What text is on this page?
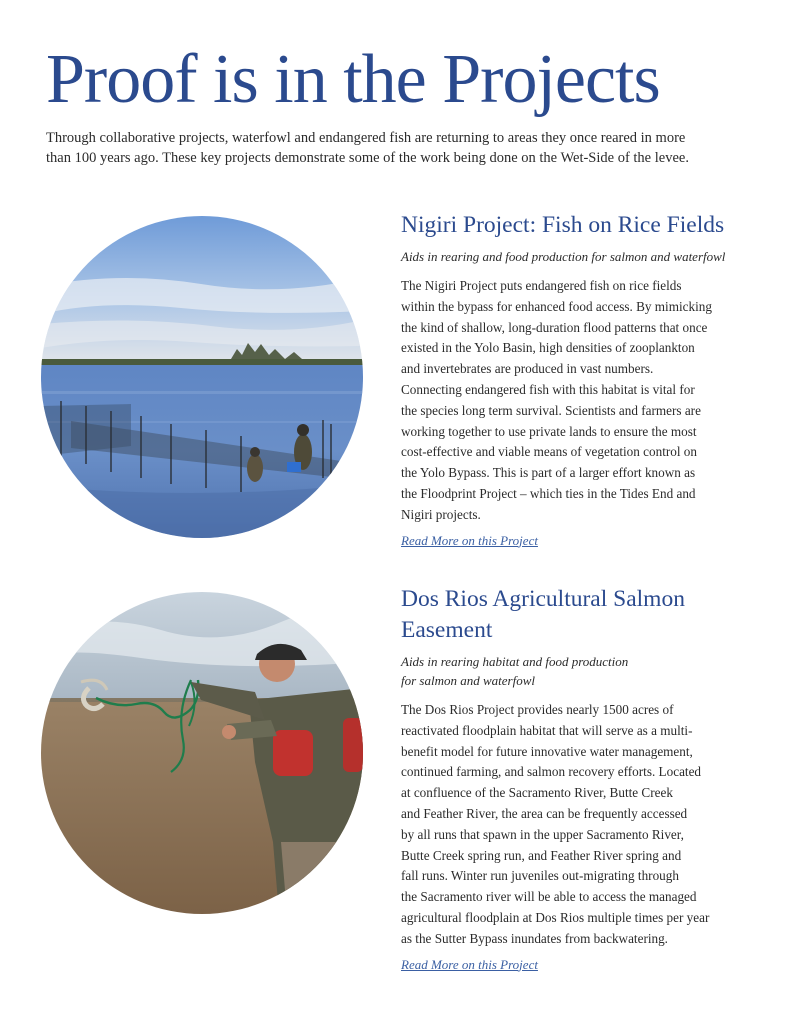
Proof is in the Projects

Through collaborative projects, waterfowl and endangered fish are returning to areas they once reared in more
than 100 years ago. These key projects demonstrate some of the work being done on the Wet-Side of the levee.

Nigiri Project: Fish on Rice Fields

Aids in rearing and food production for salmon and waterfowl

The Nigiri Project puts endangered fish on rice fields
within the bypass for enhanced food access. By mimicking
the kind of shallow, long-duration flood patterns that once
existed in the Yolo Basin, high densities of zooplankton
and invertebrates are produced in vast numbers.
Connecting endangered fish with this habitat is vital for
the species long term survival. Scientists and farmers are
working together to use private lands to ensure the most
cost-effective and viable means of vegetation control on
the Yolo Bypass. This is part of a larger effort known as
the Floodprint Project – which ties in the Tides End and
Nigiri projects.

Read More on this Project
Dos Rios Agricultural Salmon
Easement

Aids in rearing habitat and food production
for salmon and waterfowl

The Dos Rios Project provides nearly 1500 acres of
reactivated floodplain habitat that will serve as a multi-
benefit model for future innovative water management,
continued farming, and salmon recovery efforts. Located
at confluence of the Sacramento River, Butte Creek
and Feather River, the area can be frequently accessed
by all runs that spawn in the upper Sacramento River,
Butte Creek spring run, and Feather River spring and
fall runs. Winter run juveniles out-migrating through
the Sacramento river will be able to access the managed
agricultural floodplain at Dos Rios multiple times per year
as the Sutter Bypass inundates from backwatering.

Read More on this Project
